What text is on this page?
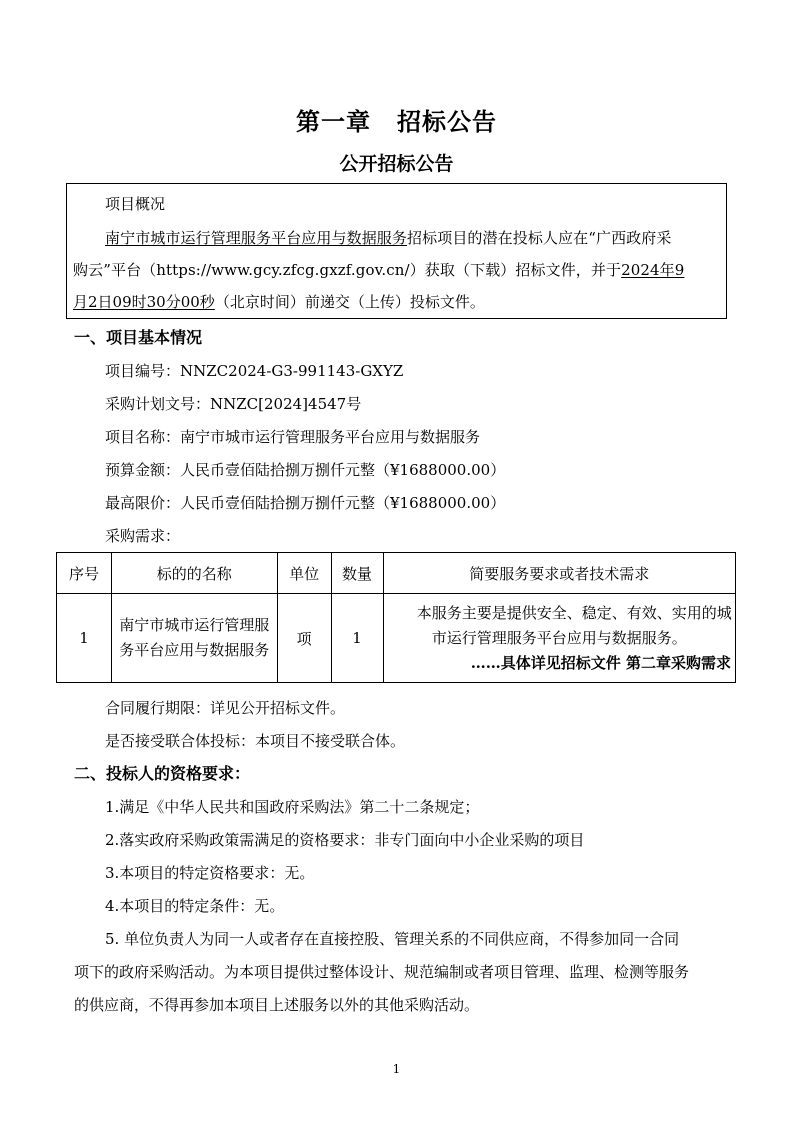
第一章 招标公告
公开招标公告
项目概况
南宁市城市运行管理服务平台应用与数据服务招标项目的潜在投标人应在“广西政府采
购云”平台（https://www.gcy.zfcg.gxzf.gov.cn/）获取（下载）招标文件，并于2024年9
月2日09时30分00秒（北京时间）前递交（上传）投标文件。
一、项目基本情况
项目编号：NNZC2024-G3-991143-GXYZ
采购计划文号：NNZC[2024]4547号
项目名称：南宁市城市运行管理服务平台应用与数据服务
预算金额：人民币壹佰陆拾捌万捌仟元整（¥1688000.00）
最高限价：人民币壹佰陆拾捌万捌仟元整（¥1688000.00）
采购需求：
序号	标的的名称	单位	数量	简要服务要求或者技术需求
1	南宁市城市运行管理服务平台应用与数据服务	项	1	本服务主要是提供安全、稳定、有效、实用的城市运行管理服务平台应用与数据服务。
……具体详见招标文件 第二章采购需求
合同履行期限：详见公开招标文件。
是否接受联合体投标：本项目不接受联合体。
二、投标人的资格要求：
1.满足《中华人民共和国政府采购法》第二十二条规定；
2.落实政府采购政策需满足的资格要求：非专门面向中小企业采购的项目
3.本项目的特定资格要求：无。
4.本项目的特定条件：无。
5. 单位负责人为同一人或者存在直接控股、管理关系的不同供应商，不得参加同一合同
项下的政府采购活动。为本项目提供过整体设计、规范编制或者项目管理、监理、检测等服务
的供应商，不得再参加本项目上述服务以外的其他采购活动。
1
